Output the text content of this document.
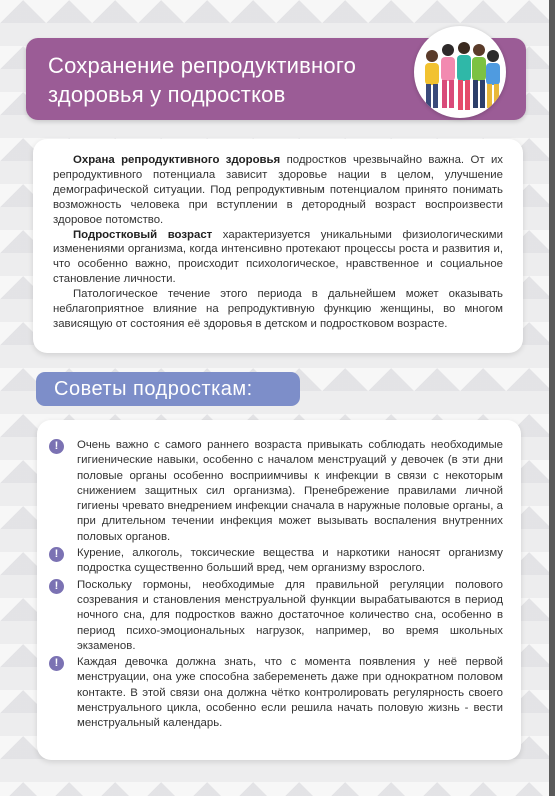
Сохранение репродуктивного здоровья у подростков

Охрана репродуктивного здоровья подростков чрезвычайно важна. От их репродуктивного потенциала зависит здоровье нации в целом, улучшение демографической ситуации. Под репродуктивным потенциалом принято понимать возможность человека при вступлении в детородный возраст воспроизвести здоровое потомство.

Подростковый возраст характеризуется уникальными физиологическими изменениями организма, когда интенсивно протекают процессы роста и развития и, что особенно важно, происходит психологическое, нравственное и социальное становление личности.

Патологическое течение этого периода в дальнейшем может оказывать неблагоприятное влияние на репродуктивную функцию женщины, во многом зависящую от состояния её здоровья в детском и подростковом возрасте.

Советы подросткам:
!	Очень важно с самого раннего возраста привыкать соблюдать необходимые гигиенические навыки, особенно с началом менструаций у девочек (в эти дни половые органы особенно восприимчивы к инфекции в связи с некоторым снижением защитных сил организма). Пренебрежение правилами личной гигиены чревато внедрением инфекции сначала в наружные половые органы, а при длительном течении инфекция может вызывать воспаления внутренних половых органов.

!	Курение, алкоголь, токсические вещества и наркотики наносят организму подростка существенно больший вред, чем организму взрослого.

!	Поскольку гормоны, необходимые для правильной регуляции полового созревания и становления менструальной функции вырабатываются в период ночного сна, для подростков важно достаточное количество сна, особенно в период психо-эмоциональных нагрузок, например, во время школьных экзаменов.

!	Каждая девочка должна знать, что с момента появления у неё первой менструации, она уже способна забеременеть даже при однократном половом контакте. В этой связи она должна чётко контролировать регулярность своего менструального цикла, особенно если решила начать половую жизнь - вести менструальный календарь.
